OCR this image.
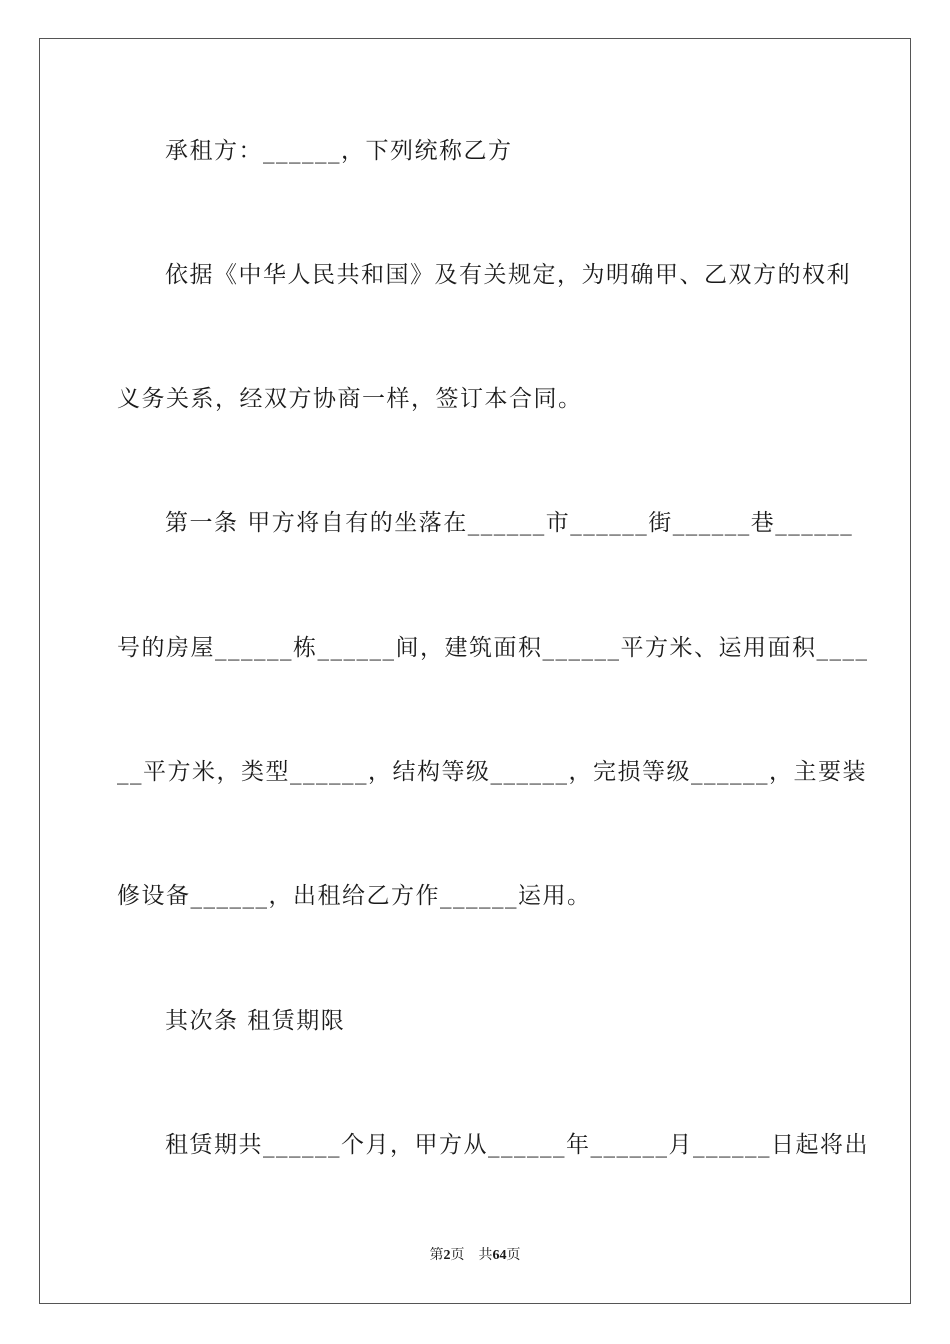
承租方：______，下列统称乙方
依据《中华人民共和国》及有关规定，为明确甲、乙双方的权利
义务关系，经双方协商一样，签订本合同。
第一条 甲方将自有的坐落在______市______街______巷______
号的房屋______栋______间，建筑面积______平方米、运用面积____
__平方米，类型______，结构等级______，完损等级______，主要装
修设备______，出租给乙方作______运用。
其次条 租赁期限
租赁期共______个月，甲方从______年______月______日起将出
第2页 共64页
